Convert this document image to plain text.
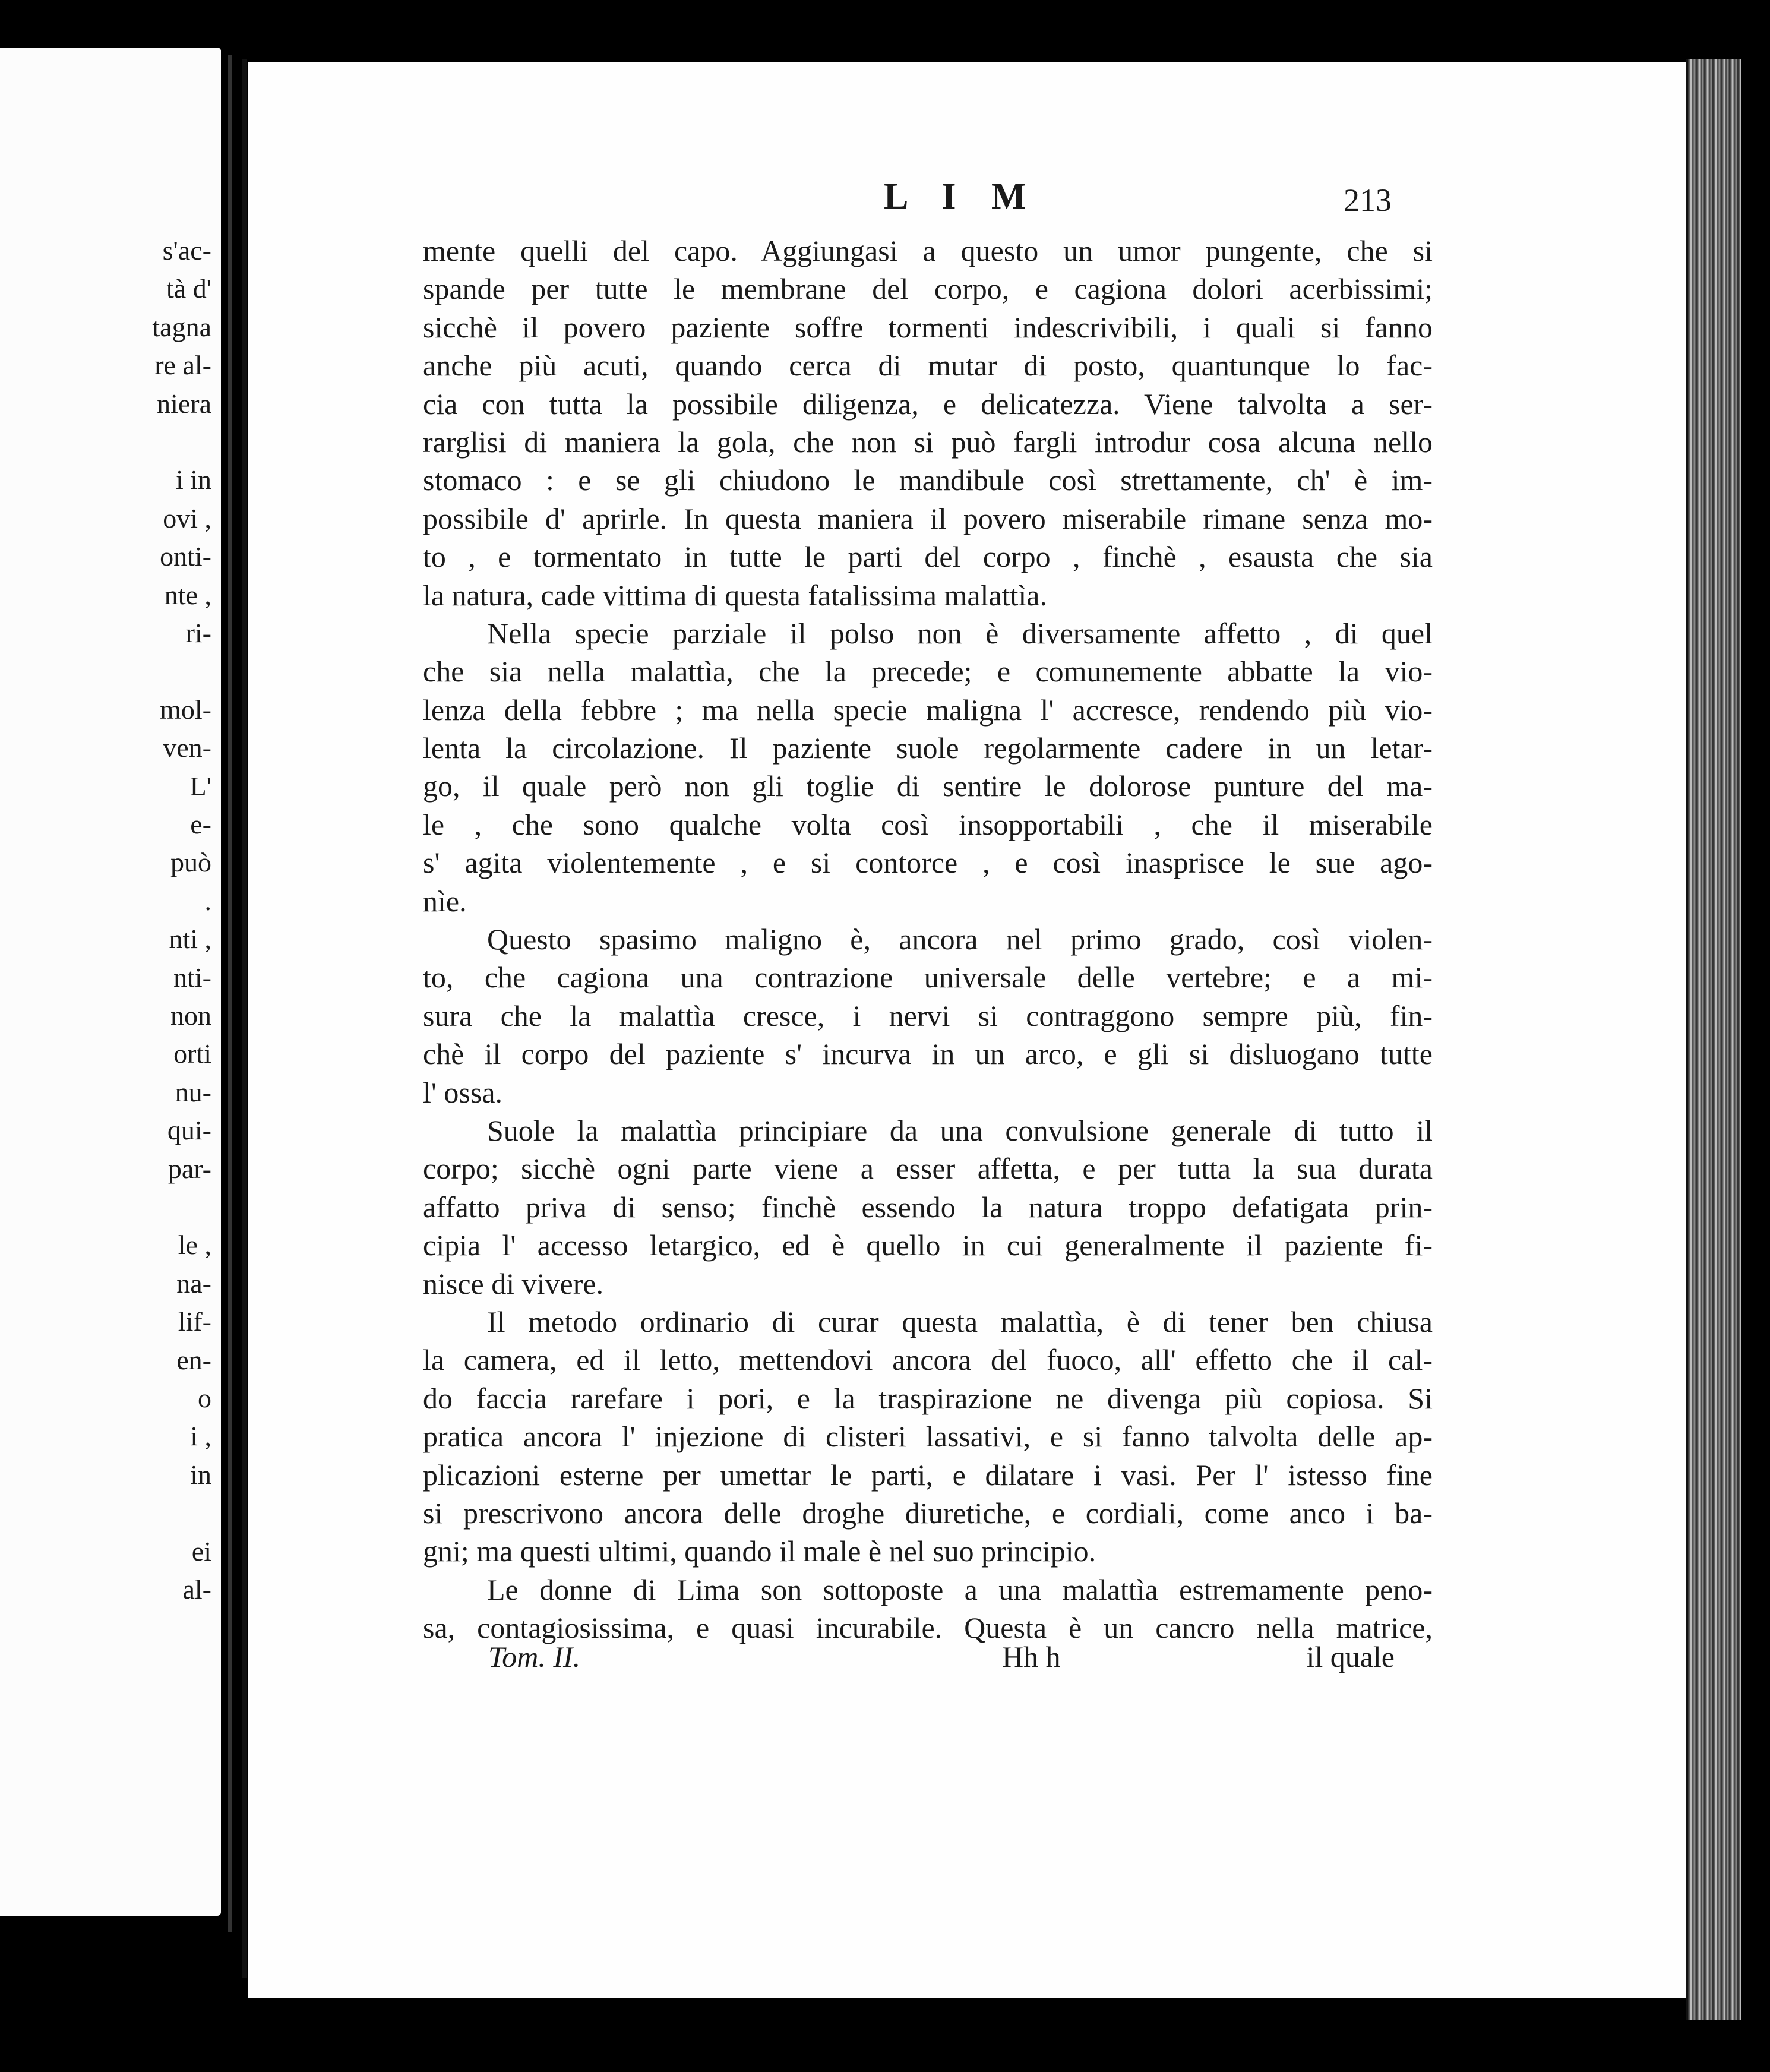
s'ac-
tà d'
tagna
re al-
niera
i in
ovi ,
onti-
nte ,
ri-
mol-
ven-
L'
e-
può
.
nti ,
nti-
non
orti
nu-
qui-
par-
le ,
na-
lif-
en-
o
i ,
in
ei
al-
L I M	213
mente quelli del capo. Aggiungasi a questo un umor pungente, che si
spande per tutte le membrane del corpo, e cagiona dolori acerbissimi;
sicchè il povero paziente soffre tormenti indescrivibili, i quali si fanno
anche più acuti, quando cerca di mutar di posto, quantunque lo fac-
cia con tutta la possibile diligenza, e delicatezza. Viene talvolta a ser-
rarglisi di maniera la gola, che non si può fargli introdur cosa alcuna nello
stomaco : e se gli chiudono le mandibule così strettamente, ch' è im-
possibile d' aprirle. In questa maniera il povero miserabile rimane senza mo-
to , e tormentato in tutte le parti del corpo , finchè , esausta che sia
la natura, cade vittima di questa fatalissima malattìa.
Nella specie parziale il polso non è diversamente affetto , di quel
che sia nella malattìa, che la precede; e comunemente abbatte la vio-
lenza della febbre ; ma nella specie maligna l' accresce, rendendo più vio-
lenta la circolazione. Il paziente suole regolarmente cadere in un letar-
go, il quale però non gli toglie di sentire le dolorose punture del ma-
le , che sono qualche volta così insopportabili , che il miserabile
s' agita violentemente , e si contorce , e così inasprisce le sue ago-
nìe.
Questo spasimo maligno è, ancora nel primo grado, così violen-
to, che cagiona una contrazione universale delle vertebre; e a mi-
sura che la malattìa cresce, i nervi si contraggono sempre più, fin-
chè il corpo del paziente s' incurva in un arco, e gli si disluogano tutte
l' ossa.
Suole la malattìa principiare da una convulsione generale di tutto il
corpo; sicchè ogni parte viene a esser affetta, e per tutta la sua durata
affatto priva di senso; finchè essendo la natura troppo defatigata prin-
cipia l' accesso letargico, ed è quello in cui generalmente il paziente fi-
nisce di vivere.
Il metodo ordinario di curar questa malattìa, è di tener ben chiusa
la camera, ed il letto, mettendovi ancora del fuoco, all' effetto che il cal-
do faccia rarefare i pori, e la traspirazione ne divenga più copiosa. Si
pratica ancora l' injezione di clisteri lassativi, e si fanno talvolta delle ap-
plicazioni esterne per umettar le parti, e dilatare i vasi. Per l' istesso fine
si prescrivono ancora delle droghe diuretiche, e cordiali, come anco i ba-
gni; ma questi ultimi, quando il male è nel suo principio.
Le donne di Lima son sottoposte a una malattìa estremamente peno-
sa, contagiosissima, e quasi incurabile. Questa è un cancro nella matrice,
Tom. II.	Hh h	il quale
